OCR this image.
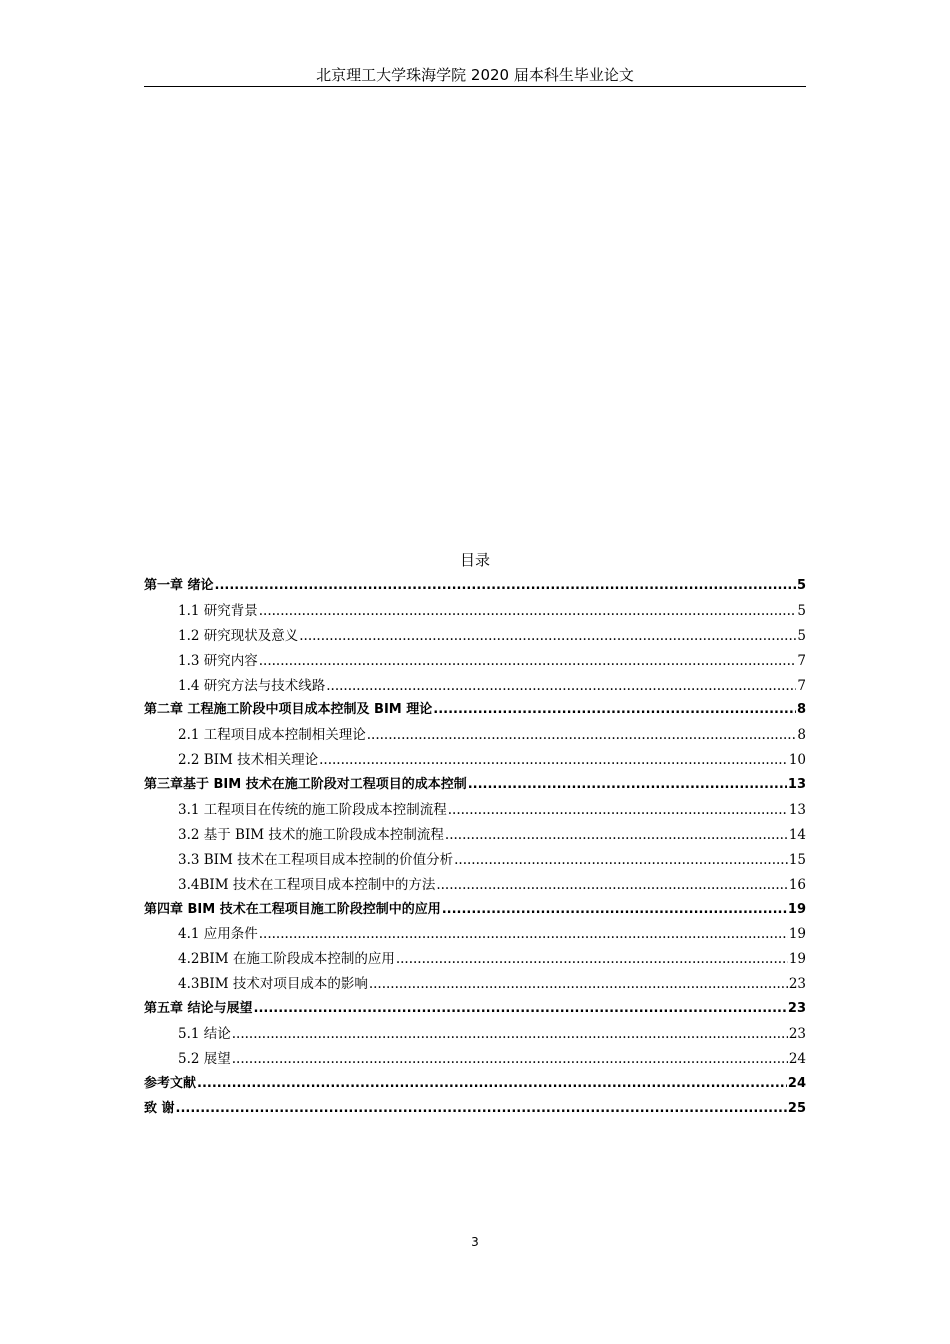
北京理工大学珠海学院 2020 届本科生毕业论文
目录
第一章 绪论 .....	5
1.1 研究背景 .....	5
1.2 研究现状及意义 .....	5
1.3 研究内容 .....	7
1.4 研究方法与技术线路 .....	7
第二章 工程施工阶段中项目成本控制及 BIM 理论 .....	8
2.1 工程项目成本控制相关理论 .....	8
2.2 BIM 技术相关理论 .....	10
第三章基于 BIM 技术在施工阶段对工程项目的成本控制 .....	13
3.1 工程项目在传统的施工阶段成本控制流程 .....	13
3.2 基于 BIM 技术的施工阶段成本控制流程 .....	14
3.3 BIM 技术在工程项目成本控制的价值分析 .....	15
3.4BIM 技术在工程项目成本控制中的方法 .....	16
第四章 BIM 技术在工程项目施工阶段控制中的应用 .....	19
4.1 应用条件 .....	19
4.2BIM 在施工阶段成本控制的应用 .....	19
4.3BIM 技术对项目成本的影响 .....	23
第五章 结论与展望 .....	23
5.1 结论 .....	23
5.2 展望 .....	24
参考文献 .....	24
致 谢 .....	25
3
